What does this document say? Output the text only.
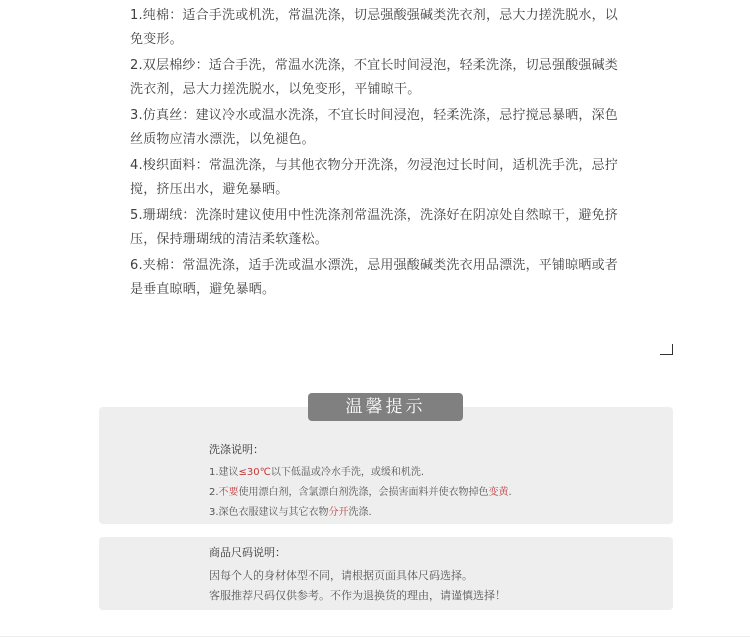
1.纯棉：适合手洗或机洗，常温洗涤，切忌强酸强碱类洗衣剂，忌大力搓洗脱水，以免变形。

2.双层棉纱：适合手洗，常温水洗涤，不宜长时间浸泡，轻柔洗涤，切忌强酸强碱类洗衣剂，忌大力搓洗脱水，以免变形，平铺晾干。

3.仿真丝：建议冷水或温水洗涤，不宜长时间浸泡，轻柔洗涤，忌拧搅忌暴晒，深色丝质物应清水漂洗，以免褪色。

4.梭织面料：常温洗涤，与其他衣物分开洗涤，勿浸泡过长时间，适机洗手洗，忌拧搅，挤压出水，避免暴晒。

5.珊瑚绒：洗涤时建议使用中性洗涤剂常温洗涤，洗涤好在阴凉处自然晾干，避免挤压，保持珊瑚绒的清洁柔软蓬松。

6.夹棉：常温洗涤，适手洗或温水漂洗，忌用强酸碱类洗衣用品漂洗，平铺晾晒或者是垂直晾晒，避免暴晒。

温馨提示
洗涤说明：
1.建议≤30℃以下低温或冷水手洗，或缓和机洗.
2.不要使用漂白剂，含氯漂白剂洗涤，会损害面料并使衣物掉色变黄.
3.深色衣服建议与其它衣物分开洗涤.
商品尺码说明：
因每个人的身材体型不同，请根据页面具体尺码选择。
客服推荐尺码仅供参考。不作为退换货的理由，请谨慎选择！
